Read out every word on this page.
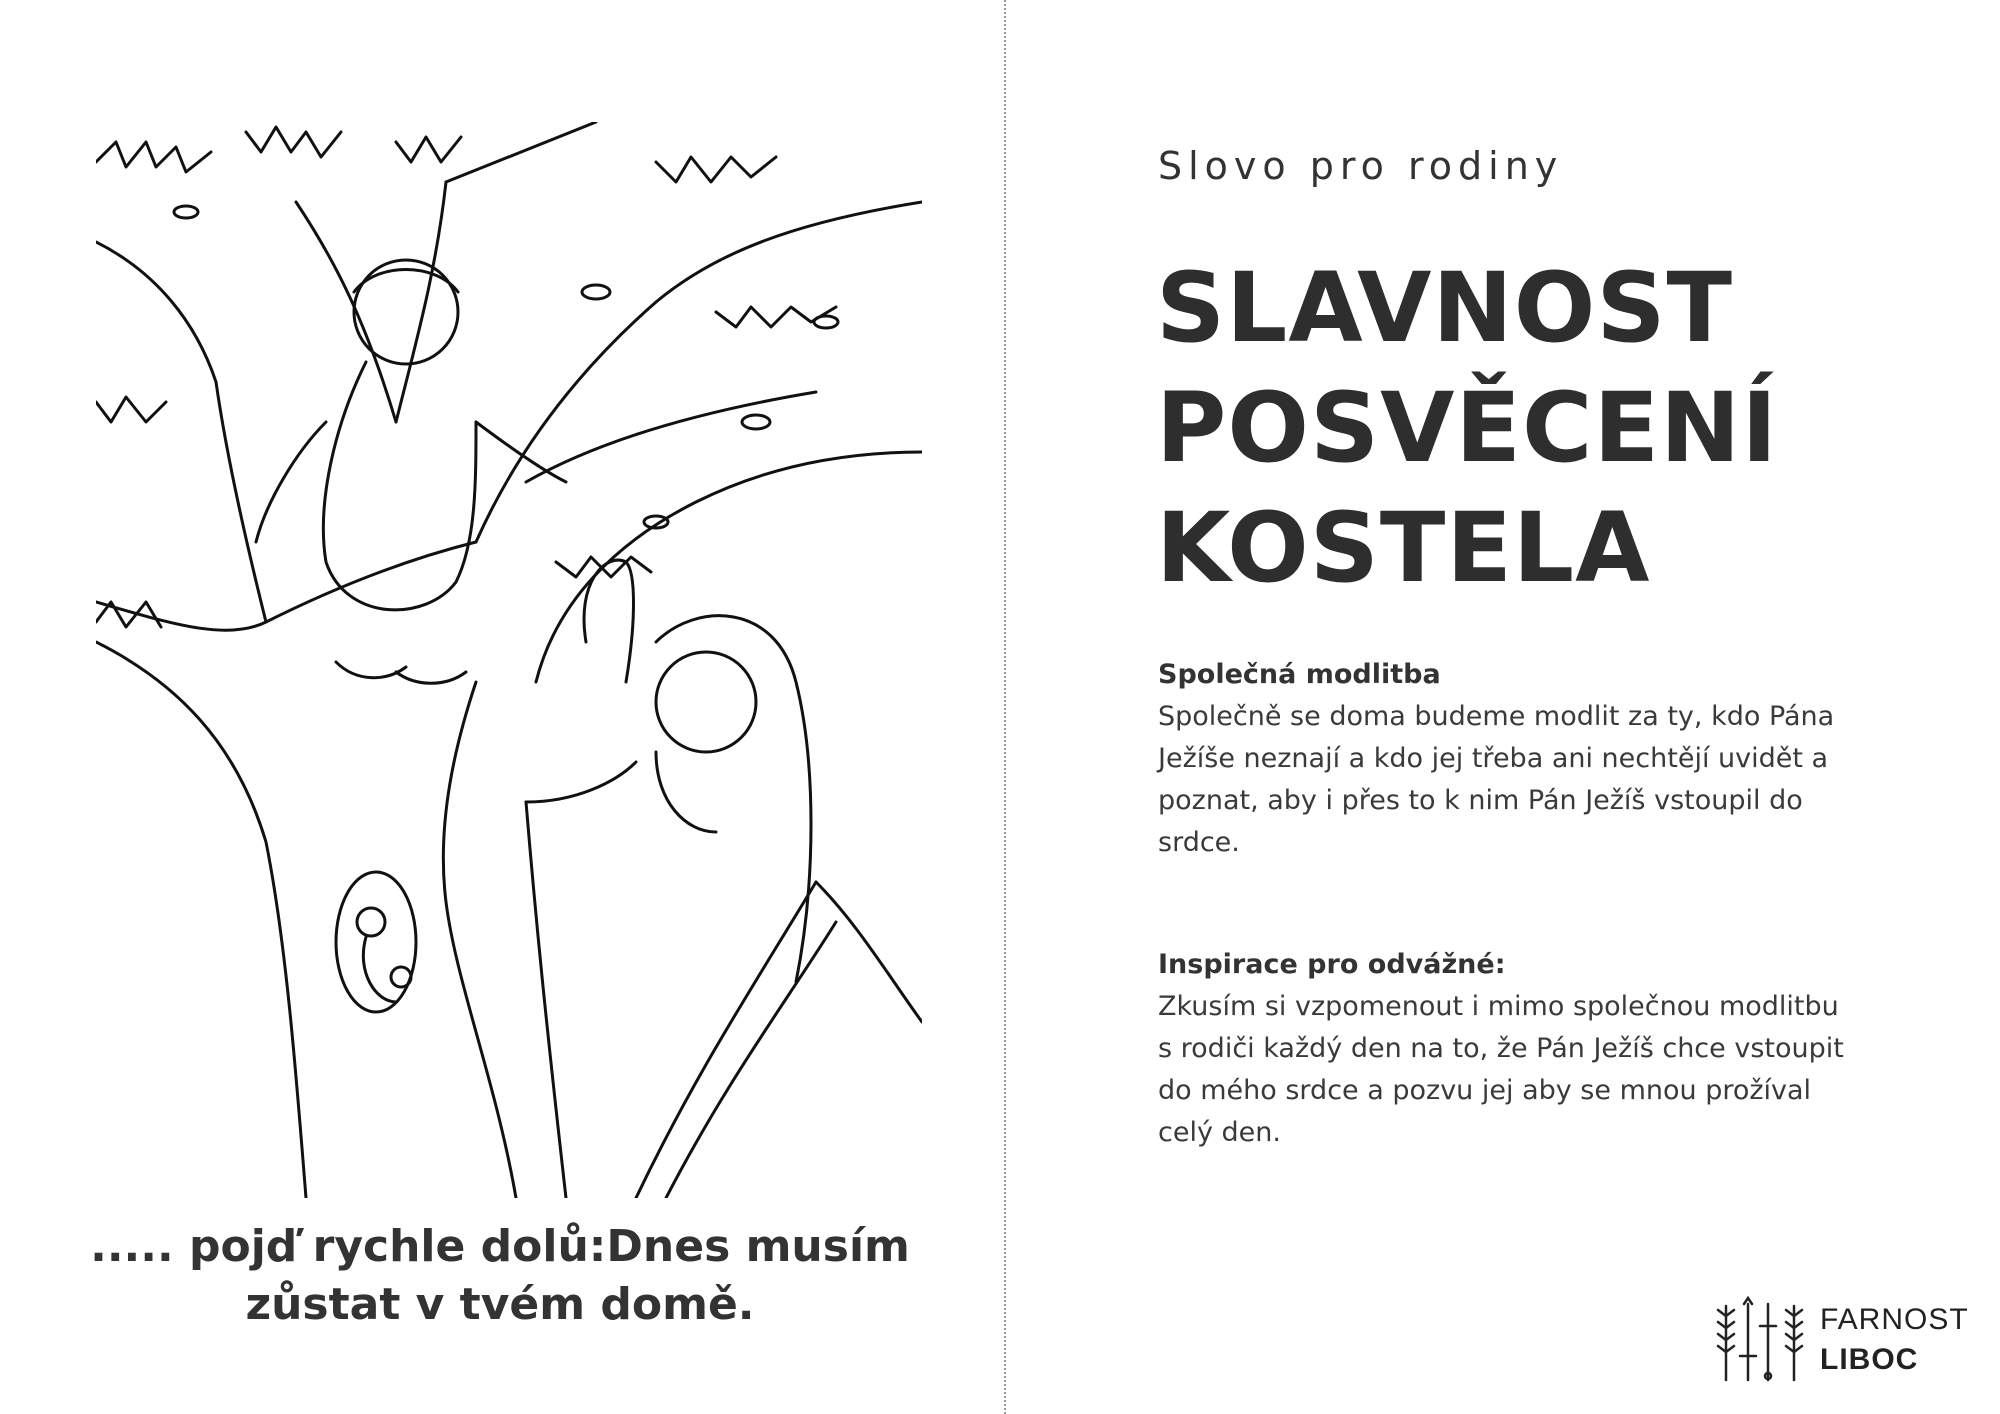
..... pojď rychle dolů:Dnes musím
zůstat v tvém domě.
Slovo pro rodiny
SLAVNOST
POSVĚCENÍ
KOSTELA
Společná modlitba
Společně se doma budeme modlit za ty, kdo Pána Ježíše neznají a kdo jej třeba ani nechtějí uvidět a poznat, aby i přes to k nim Pán Ježíš vstoupil do srdce.
Inspirace pro odvážné:
Zkusím si vzpomenout i mimo společnou modlitbu s rodiči každý den na to, že Pán Ježíš chce vstoupit do mého srdce a pozvu jej aby se mnou prožíval celý den.
FARNOST
LIBOC
